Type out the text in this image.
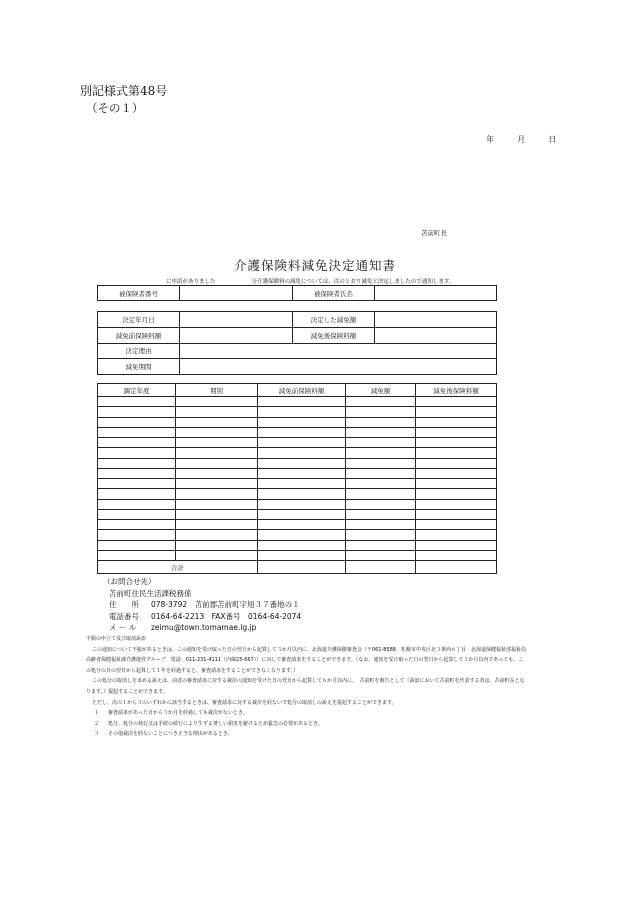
別記様式第48号
（その１）
年	月	日
苫前町長
介護保険料減免決定通知書
に申請がありました	分介護保険料の減免については、次のとおり減免と決定しましたので通知します。
被保険者番号		被保険者氏名	
決定年月日		決定した減免額	
減免前保険料額		減免後保険料額	
決定理由			
減免期間			
調定年度	期別	減免前保険料額	減免額	減免後保険料額

合計				
（お問合せ先）
苫前町住民生活課税務係
住　　所 078-3792　苫前郡苫前町字旭３７番地の１
電話番号 0164-64-2213　FAX番号　0164-64-2074
メ ー ル zeimu@town.tomamae.lg.jp

不服の申立て及び取消訴訟

この通知について不服があるときは、この通知を受け取った日の翌日から起算して３か月以内に、北海道介護保険審査会（〒061-8588　札幌市中央区北３条西６丁目　北海道保健福祉部福祉局高齢者保健福祉課介護運営グループ　電話：011-231-4111（内線25-667））に対して審査請求をすることができます。（なお、通知を受け取った日の翌日から起算して３か月以内であっても、この処分の日の翌日から起算して１年を経過すると、審査請求をすることができなくなります。）

この処分の取消しを求める訴えは、前述の審査請求に対する裁決の通知を受けた日の翌日から起算して６か月以内に、　苫前町を被告として（訴訟において苫前町を代表する者は、苫前町長となります。）提起することができます。

ただし、次の１から３のいずれかに該当するときは、審査請求に対する裁決を経ないで処分の取消しの訴えを提起することができます。

１ 審査請求があった日から３か月を経過しても裁決がないとき。

２ 処分、処分の執行又は手続の続行により生ずる著しい損害を避けるため緊急の必要があるとき。

３ その他裁決を経ないことにつき正当な理由があるとき。
